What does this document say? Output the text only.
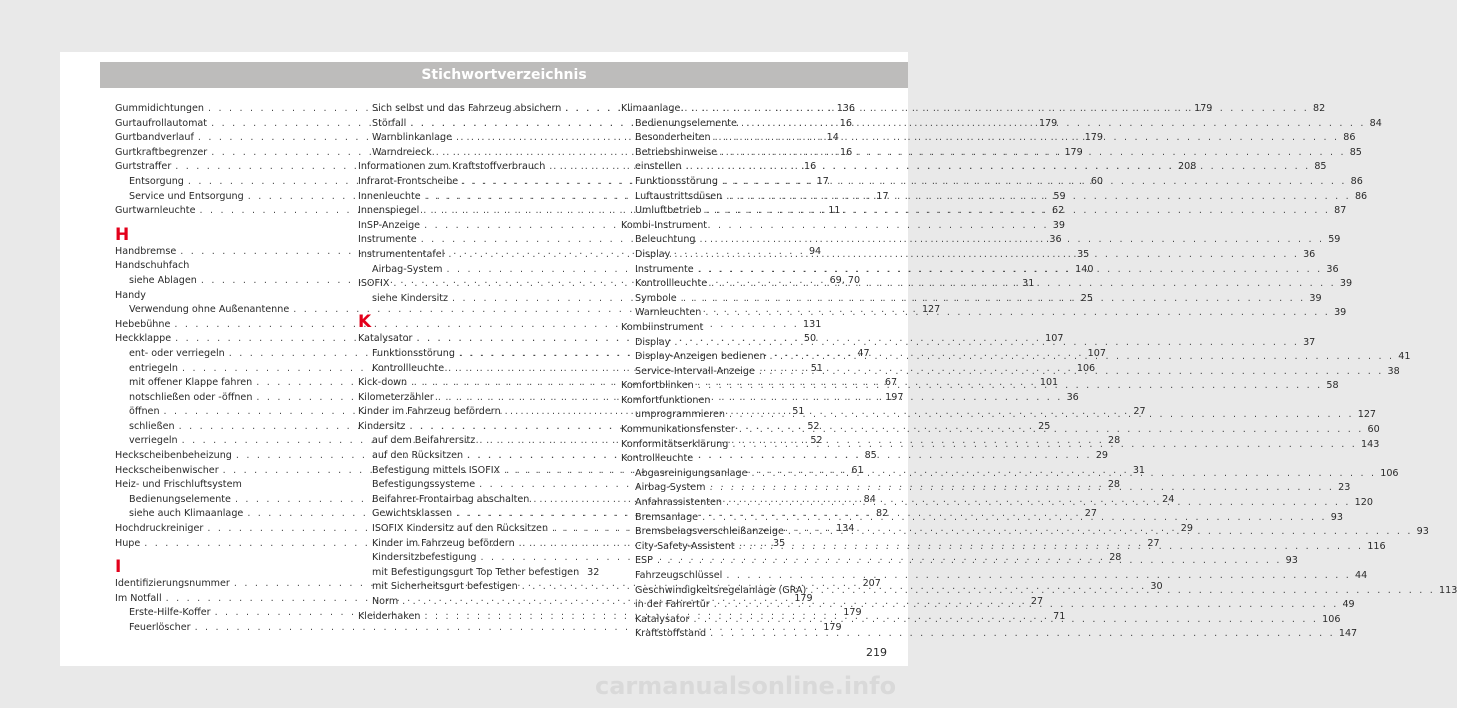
Stichwortverzeichnis
Gummidichtungen . . .	136
Gurtaufrollautomat . . .	16
Gurtbandverlauf . . .	14
Gurtkraftbegrenzer . . .	16
Gurtstraffer . . .	16
Entsorgung . . .	17
Service und Entsorgung . . .	17
Gurtwarnleuchte . . .	11
H
Handbremse . . .	94
Handschuhfach
siehe Ablagen . . .	69, 70
Handy
Verwendung ohne Außenantenne . . .	127
Hebebühne . . .	131
Heckklappe . . .	50
ent- oder verriegeln . . .	47
entriegeln . . .	51
mit offener Klappe fahren . . .	67
notschließen oder -öffnen . . .	197
öffnen . . .	51
schließen . . .	52
verriegeln . . .	52
Heckscheibenbeheizung . . .	85
Heckscheibenwischer . . .	61
Heiz- und Frischluftsystem
Bedienungselemente . . .	84
siehe auch Klimaanlage . . .	82
Hochdruckreiniger . . .	134
Hupe . . .	35
I
Identifizierungsnummer . . .	207
Im Notfall . . .	179
Erste-Hilfe-Koffer . . .	179
Feuerlöscher . . .	179
Sich selbst und das Fahrzeug absichern . . .	179
Störfall . . .	179
Warnblinkanlage . . .	179
Warndreieck . . .	179
Informationen zum Kraftstoffverbrauch . . .	208
Infrarot-Frontscheibe . . .	60
Innenleuchte . . .	59
Innenspiegel . . .	62
InSP-Anzeige . . .	39
Instrumente . . .	36
Instrumententafel . . .	35
Airbag-System . . .	140
ISOFIX . . .	31
siehe Kindersitz . . .	25
K
Katalysator . . .	107
Funktionsstörung . . .	107
Kontrollleuchte . . .	106
Kick-down . . .	101
Kilometerzähler . . .	36
Kinder im Fahrzeug befördern . . .	27
Kindersitz . . .	25
auf dem Beifahrersitz . . .	28
auf den Rücksitzen . . .	29
Befestigung mittels ISOFIX . . .	31
Befestigungssysteme . . .	28
Beifahrer-Frontairbag abschalten . . .	24
Gewichtsklassen . . .	27
ISOFIX Kindersitz auf den Rücksitzen . . .	29
Kinder im Fahrzeug befördern . . .	27
Kindersitzbefestigung . . .	28
mit Befestigungsgurt Top Tether befestigen 32
mit Sicherheitsgurt befestigen . . .	30
Norm . . .	27
Kleiderhaken . . .	71
Klimaanlage . . .	82
Bedienungselemente . . .	84
Besonderheiten . . .	86
Betriebshinweise . . .	85
einstellen . . .	85
Funktionsstörung . . .	86
Luftaustrittsdüsen . . .	86
Umluftbetrieb . . .	87
Kombi-Instrument
Beleuchtung . . .	59
Display . . .	36
Instrumente . . .	36
Kontrollleuchte . . .	39
Symbole . . .	39
Warnleuchten . . .	39
Kombiinstrument
Display . . .	37
Display-Anzeigen bedienen . . .	41
Service-Intervall-Anzeige . . .	38
Komfortblinken . . .	58
Komfortfunktionen
umprogrammieren . . .	127
Kommunikationsfenster . . .	60
Konformitätserklärung . . .	143
Kontrollleuchte
Abgasreinigungsanlage . . .	106
Airbag-System . . .	23
Anfahrassistenten . . .	120
Bremsanlage . . .	93
Bremsbelagsverschleißanzeige . . .	93
City-Safety-Assistent . . .	116
ESP . . .	93
Fahrzeugschlüssel . . .	44
Geschwindigkeitsregelanlage (GRA) . . .	113
in der Fahrertür . . .	49
Katalysator . . .	106
Kraftstoffstand . . .	147
219
carmanualsonline.info
